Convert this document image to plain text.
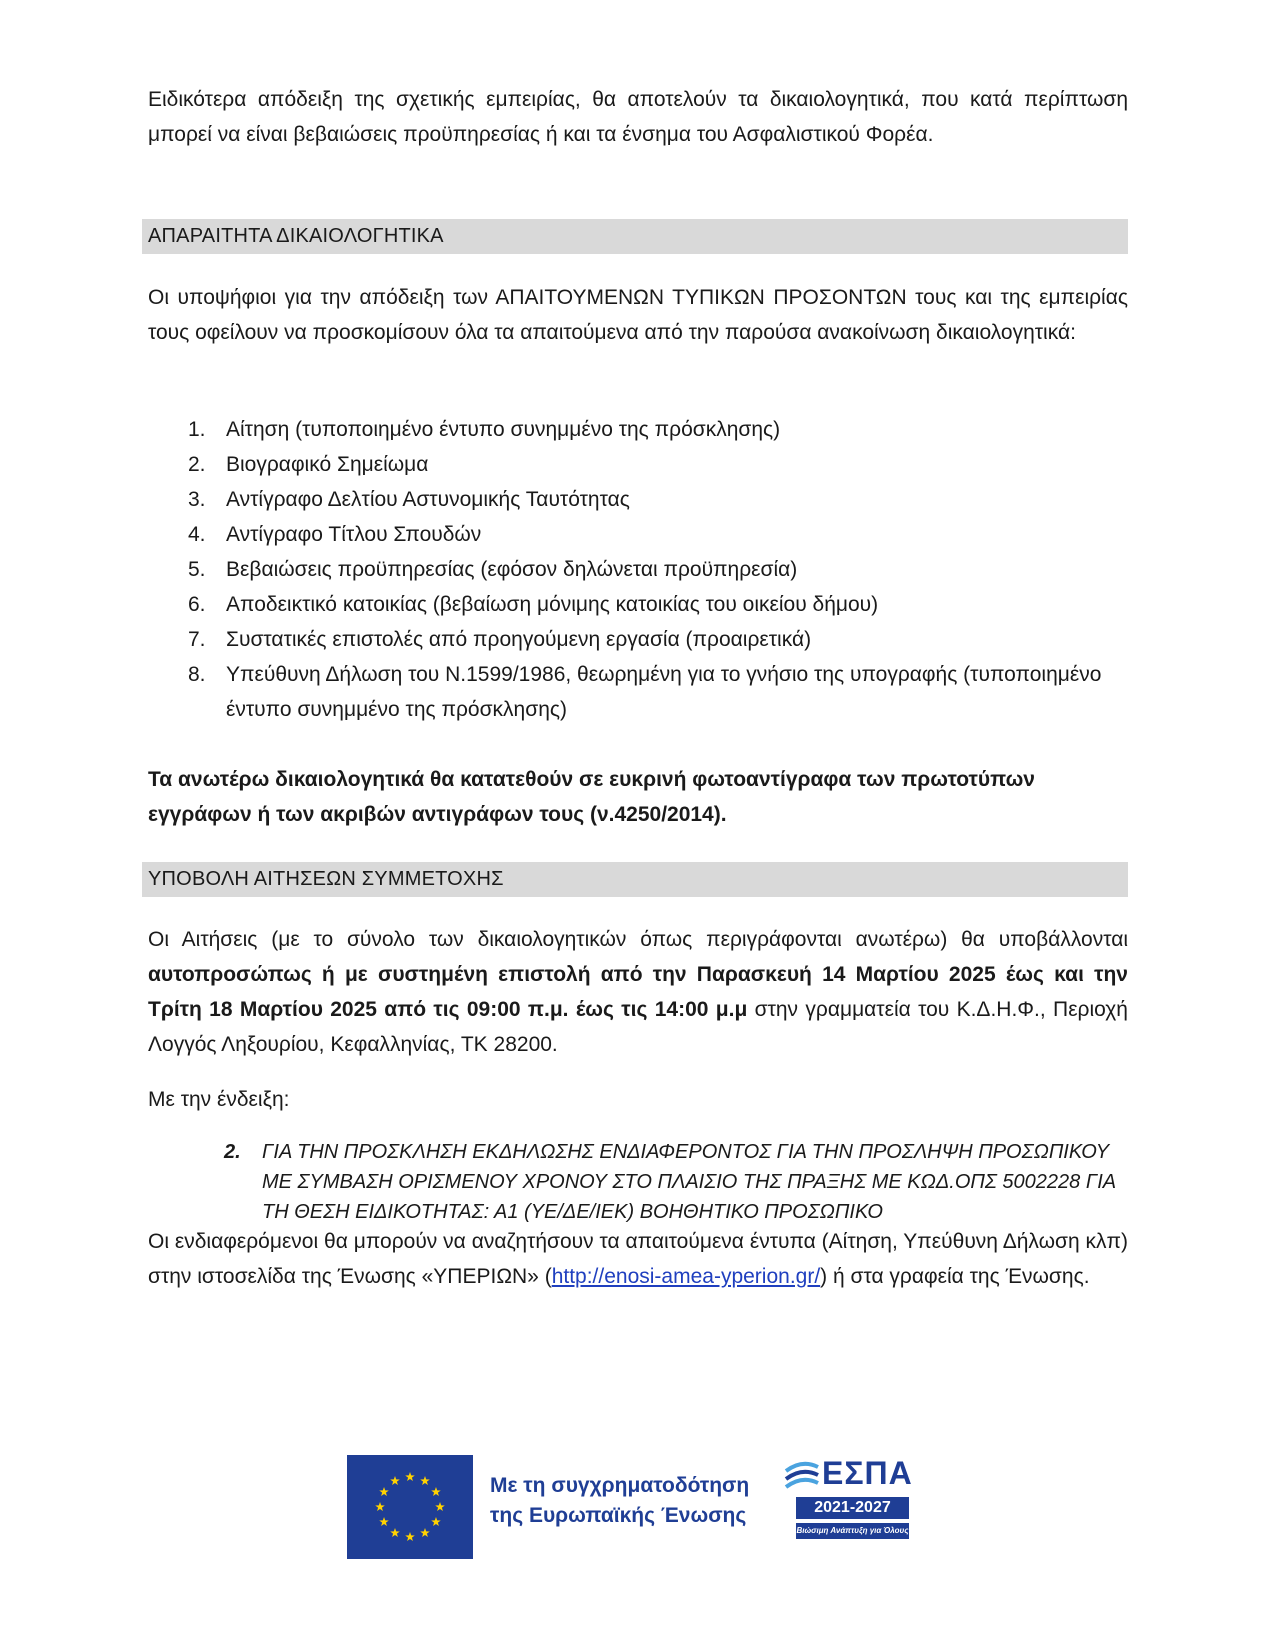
Ειδικότερα απόδειξη της σχετικής εμπειρίας, θα αποτελούν τα δικαιολογητικά, που κατά περίπτωση μπορεί να είναι βεβαιώσεις προϋπηρεσίας ή και τα ένσημα του Ασφαλιστικού Φορέα.

ΑΠΑΡΑΙΤΗΤΑ ΔΙΚΑΙΟΛΟΓΗΤΙΚΑ

Οι υποψήφιοι για την απόδειξη των ΑΠΑΙΤΟΥΜΕΝΩΝ ΤΥΠΙΚΩΝ ΠΡΟΣΟΝΤΩΝ τους και της εμπειρίας τους οφείλουν να προσκομίσουν όλα τα απαιτούμενα από την παρούσα ανακοίνωση δικαιολογητικά:

1. Αίτηση (τυποποιημένο έντυπο συνημμένο της πρόσκλησης)
2. Βιογραφικό Σημείωμα
3. Αντίγραφο Δελτίου Αστυνομικής Ταυτότητας
4. Αντίγραφο Τίτλου Σπουδών
5. Βεβαιώσεις προϋπηρεσίας (εφόσον δηλώνεται προϋπηρεσία)
6. Αποδεικτικό κατοικίας (βεβαίωση μόνιμης κατοικίας του οικείου δήμου)
7. Συστατικές επιστολές από προηγούμενη εργασία (προαιρετικά)
8. Υπεύθυνη Δήλωση του Ν.1599/1986, θεωρημένη για το γνήσιο της υπογραφής (τυποποιημένο έντυπο συνημμένο της πρόσκλησης)

Τα ανωτέρω δικαιολογητικά θα κατατεθούν σε ευκρινή φωτοαντίγραφα των πρωτοτύπων εγγράφων ή των ακριβών αντιγράφων τους (ν.4250/2014).

ΥΠΟΒΟΛΗ ΑΙΤΗΣΕΩΝ ΣΥΜΜΕΤΟΧΗΣ

Οι Αιτήσεις (με το σύνολο των δικαιολογητικών όπως περιγράφονται ανωτέρω) θα υποβάλλονται αυτοπροσώπως ή με συστημένη επιστολή από την Παρασκευή 14 Μαρτίου 2025 έως και την Τρίτη 18 Μαρτίου 2025 από τις 09:00 π.μ. έως τις 14:00 μ.μ στην γραμματεία του Κ.Δ.Η.Φ., Περιοχή Λογγός Ληξουρίου, Κεφαλληνίας, ΤΚ 28200.

Με την ένδειξη:

2.	ΓΙΑ ΤΗΝ ΠΡΟΣΚΛΗΣΗ ΕΚΔΗΛΩΣΗΣ ΕΝΔΙΑΦΕΡΟΝΤΟΣ ΓΙΑ ΤΗΝ ΠΡΟΣΛΗΨΗ ΠΡΟΣΩΠΙΚΟΥ ΜΕ ΣΥΜΒΑΣΗ ΟΡΙΣΜΕΝΟΥ ΧΡΟΝΟΥ ΣΤΟ ΠΛΑΙΣΙΟ ΤΗΣ ΠΡΑΞΗΣ ΜΕ ΚΩΔ.ΟΠΣ 5002228 ΓΙΑ ΤΗ ΘΕΣΗ ΕΙΔΙΚΟΤΗΤΑΣ: Α1 (ΥΕ/ΔΕ/ΙΕΚ) ΒΟΗΘΗΤΙΚΟ ΠΡΟΣΩΠΙΚΟ

Οι ενδιαφερόμενοι θα μπορούν να αναζητήσουν τα απαιτούμενα έντυπα (Αίτηση, Υπεύθυνη Δήλωση κλπ) στην ιστοσελίδα της Ένωσης «ΥΠΕΡΙΩΝ» (http://enosi-amea-yperion.gr/) ή στα γραφεία της Ένωσης.

Με τη συγχρηματοδότηση
της Ευρωπαϊκής Ένωσης
ΕΣΠΑ
2021-2027
Βιώσιμη Ανάπτυξη για Όλους
